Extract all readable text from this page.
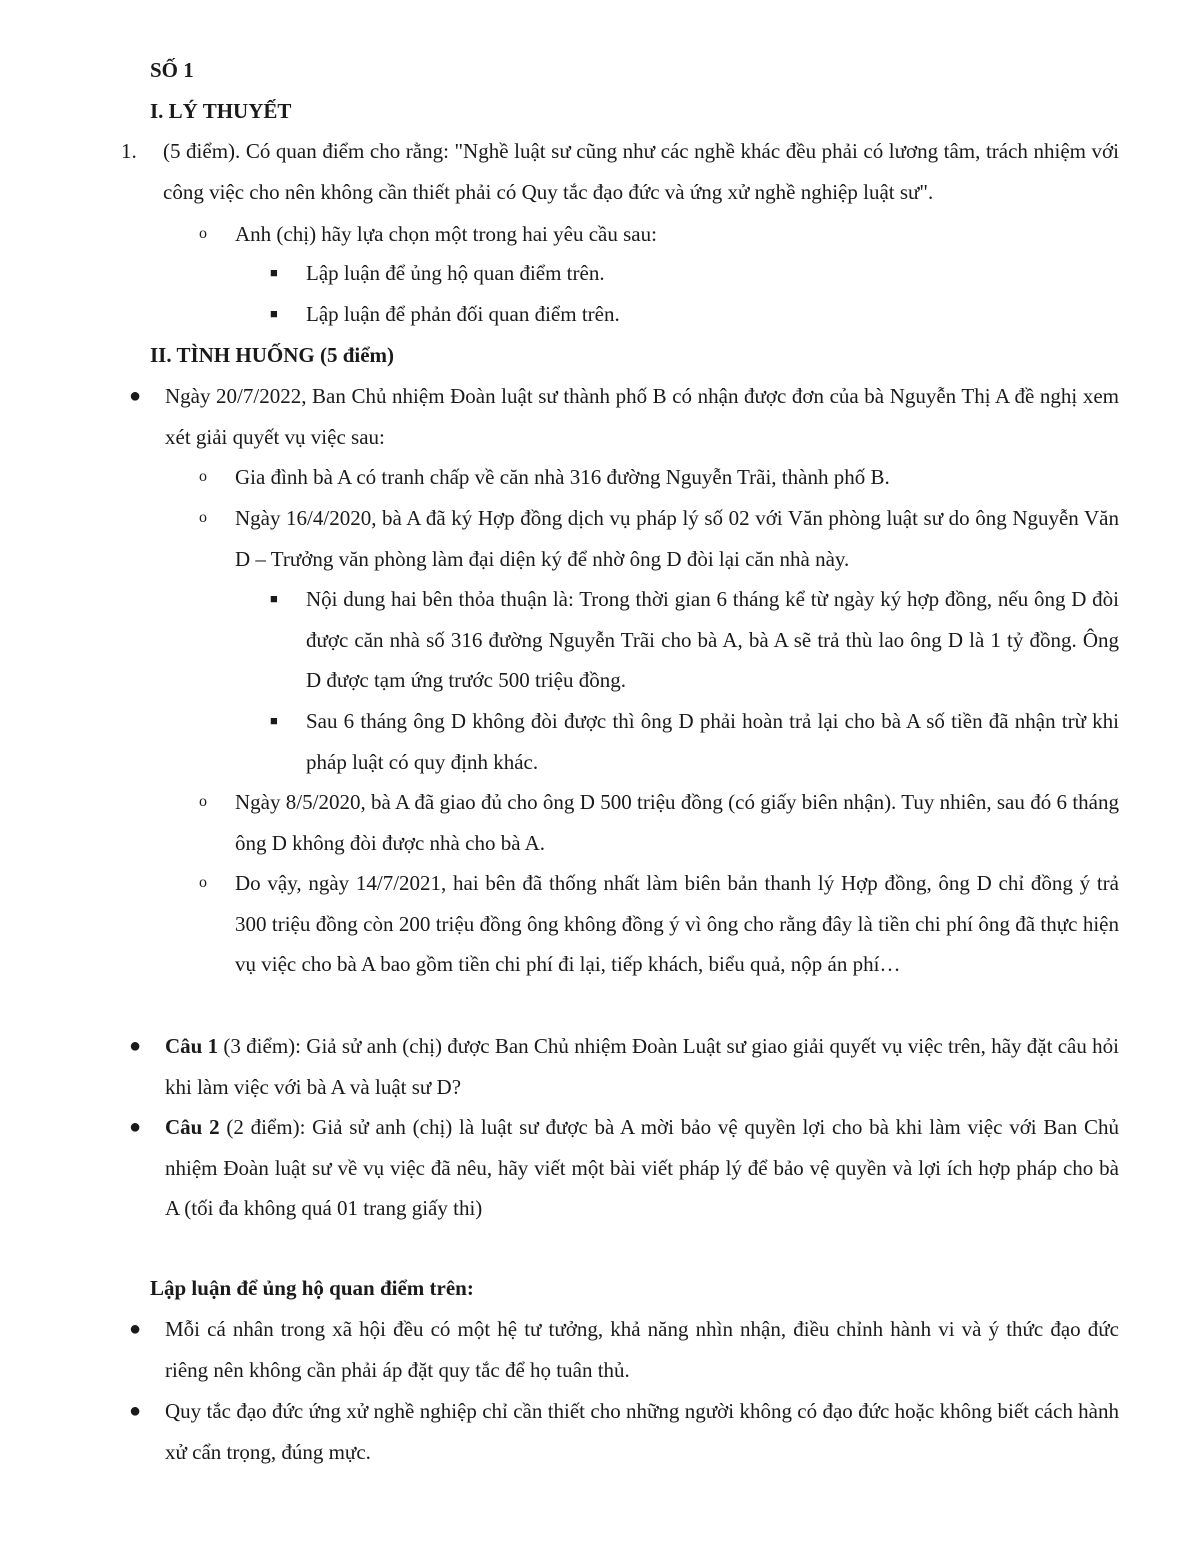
SỐ 1

I. LÝ THUYẾT

1. (5 điểm). Có quan điểm cho rằng: "Nghề luật sư cũng như các nghề khác đều phải có lương tâm, trách nhiệm với công việc cho nên không cần thiết phải có Quy tắc đạo đức và ứng xử nghề nghiệp luật sư".

o Anh (chị) hãy lựa chọn một trong hai yêu cầu sau:

■ Lập luận để ủng hộ quan điểm trên.

■ Lập luận để phản đối quan điểm trên.

II. TÌNH HUỐNG (5 điểm)

● Ngày 20/7/2022, Ban Chủ nhiệm Đoàn luật sư thành phố B có nhận được đơn của bà Nguyễn Thị A đề nghị xem xét giải quyết vụ việc sau:

o Gia đình bà A có tranh chấp về căn nhà 316 đường Nguyễn Trãi, thành phố B.

o Ngày 16/4/2020, bà A đã ký Hợp đồng dịch vụ pháp lý số 02 với Văn phòng luật sư do ông Nguyễn Văn D – Trưởng văn phòng làm đại diện ký để nhờ ông D đòi lại căn nhà này.

■ Nội dung hai bên thỏa thuận là: Trong thời gian 6 tháng kể từ ngày ký hợp đồng, nếu ông D đòi được căn nhà số 316 đường Nguyễn Trãi cho bà A, bà A sẽ trả thù lao ông D là 1 tỷ đồng. Ông D được tạm ứng trước 500 triệu đồng.

■ Sau 6 tháng ông D không đòi được thì ông D phải hoàn trả lại cho bà A số tiền đã nhận trừ khi pháp luật có quy định khác.

o Ngày 8/5/2020, bà A đã giao đủ cho ông D 500 triệu đồng (có giấy biên nhận). Tuy nhiên, sau đó 6 tháng ông D không đòi được nhà cho bà A.

o Do vậy, ngày 14/7/2021, hai bên đã thống nhất làm biên bản thanh lý Hợp đồng, ông D chỉ đồng ý trả 300 triệu đồng còn 200 triệu đồng ông không đồng ý vì ông cho rằng đây là tiền chi phí ông đã thực hiện vụ việc cho bà A bao gồm tiền chi phí đi lại, tiếp khách, biểu quả, nộp án phí…

● Câu 1 (3 điểm): Giả sử anh (chị) được Ban Chủ nhiệm Đoàn Luật sư giao giải quyết vụ việc trên, hãy đặt câu hỏi khi làm việc với bà A và luật sư D?

● Câu 2 (2 điểm): Giả sử anh (chị) là luật sư được bà A mời bảo vệ quyền lợi cho bà khi làm việc với Ban Chủ nhiệm Đoàn luật sư về vụ việc đã nêu, hãy viết một bài viết pháp lý để bảo vệ quyền và lợi ích hợp pháp cho bà A (tối đa không quá 01 trang giấy thi)

Lập luận để ủng hộ quan điểm trên:

● Mỗi cá nhân trong xã hội đều có một hệ tư tưởng, khả năng nhìn nhận, điều chỉnh hành vi và ý thức đạo đức riêng nên không cần phải áp đặt quy tắc để họ tuân thủ.

● Quy tắc đạo đức ứng xử nghề nghiệp chỉ cần thiết cho những người không có đạo đức hoặc không biết cách hành xử cẩn trọng, đúng mực.
